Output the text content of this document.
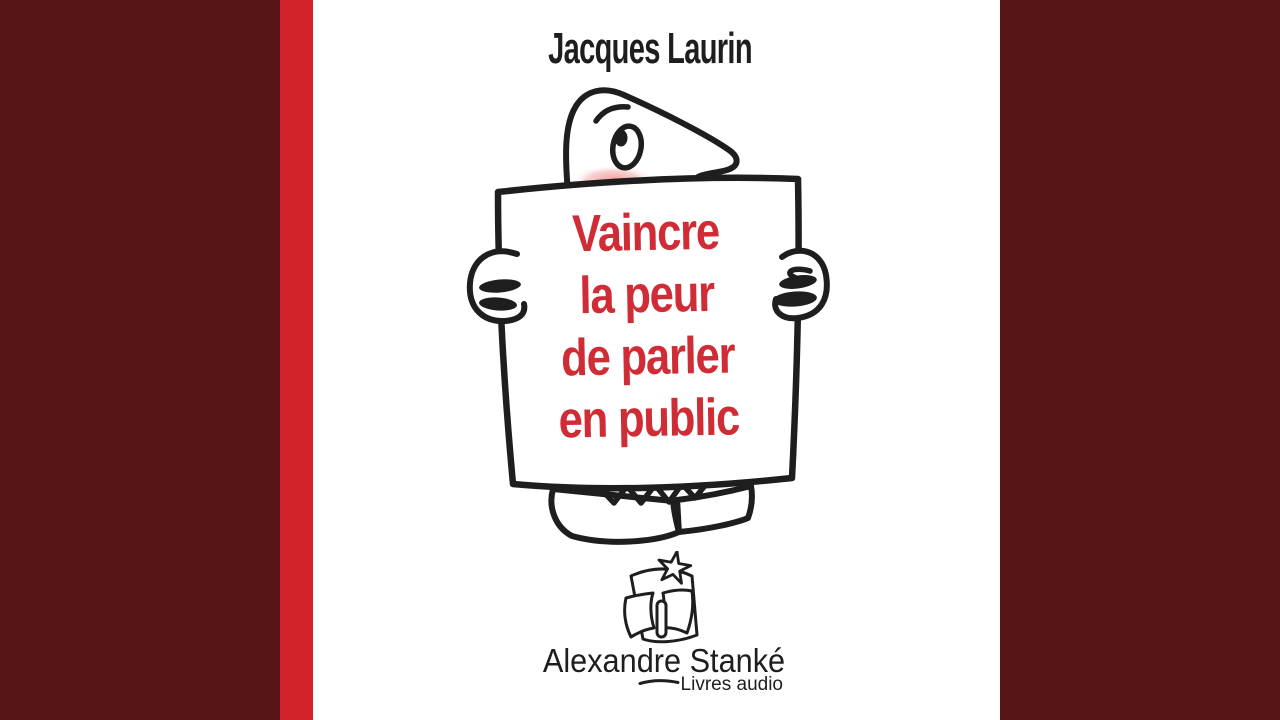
Jacques Laurin
Vaincre
la peur
de parler
en public
Alexandre Stanké
Livres audio
